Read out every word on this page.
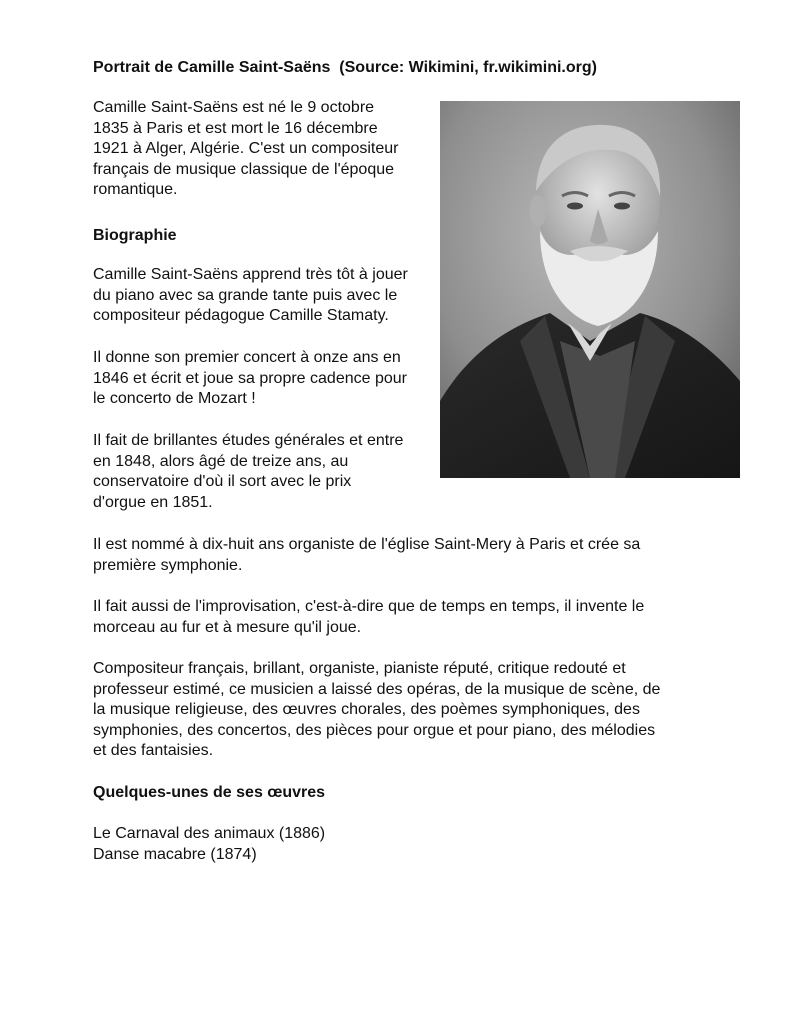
Portrait de Camille Saint-Saëns  (Source: Wikimini, fr.wikimini.org)

Camille Saint-Saëns est né le 9 octobre
1835 à Paris et est mort le 16 décembre
1921 à Alger, Algérie. C'est un compositeur
français de musique classique de l'époque
romantique.

Biographie

Camille Saint-Saëns apprend très tôt à jouer
du piano avec sa grande tante puis avec le
compositeur pédagogue Camille Stamaty.

Il donne son premier concert à onze ans en
1846 et écrit et joue sa propre cadence pour
le concerto de Mozart !

Il fait de brillantes études générales et entre
en 1848, alors âgé de treize ans, au
conservatoire d'où il sort avec le prix
d'orgue en 1851.

Il est nommé à dix-huit ans organiste de l'église Saint-Mery à Paris et crée sa
première symphonie.

Il fait aussi de l'improvisation, c'est-à-dire que de temps en temps, il invente le
morceau au fur et à mesure qu'il joue.

Compositeur français, brillant, organiste, pianiste réputé, critique redouté et
professeur estimé, ce musicien a laissé des opéras, de la musique de scène, de
la musique religieuse, des œuvres chorales, des poèmes symphoniques, des
symphonies, des concertos, des pièces pour orgue et pour piano, des mélodies
et des fantaisies.

Quelques-unes de ses œuvres

Le Carnaval des animaux (1886)
Danse macabre (1874)
